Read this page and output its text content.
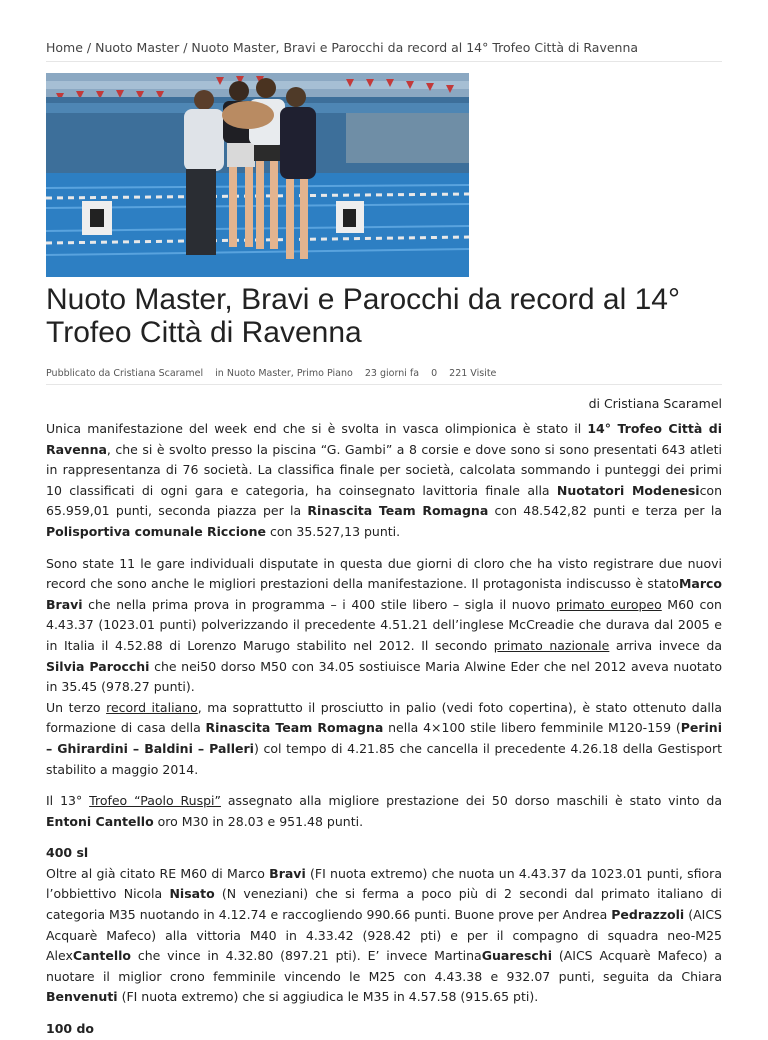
Home / Nuoto Master / Nuoto Master, Bravi e Parocchi da record al 14° Trofeo Città di Ravenna
Nuoto Master, Bravi e Parocchi da record al 14° Trofeo Città di Ravenna
Pubblicato da Cristiana Scaramel in Nuoto Master, Primo Piano 23 giorni fa 0 221 Visite
di Cristiana Scaramel

Unica manifestazione del week end che si è svolta in vasca olimpionica è stato il 14° Trofeo Città di Ravenna, che si è svolto presso la piscina “G. Gambi” a 8 corsie e dove sono si sono presentati 643 atleti in rappresentanza di 76 società. La classifica finale per società, calcolata sommando i punteggi dei primi 10 classificati di ogni gara e categoria, ha coinsegnato lavittoria finale alla Nuotatori Modenesicon 65.959,01 punti, seconda piazza per la Rinascita Team Romagna con 48.542,82 punti e terza per la Polisportiva comunale Riccione con 35.527,13 punti.

Sono state 11 le gare individuali disputate in questa due giorni di cloro che ha visto registrare due nuovi record che sono anche le migliori prestazioni della manifestazione. Il protagonista indiscusso è statoMarco Bravi che nella prima prova in programma – i 400 stile libero – sigla il nuovo primato europeo M60 con 4.43.37 (1023.01 punti) polverizzando il precedente 4.51.21 dell’inglese McCreadie che durava dal 2005 e in Italia il 4.52.88 di Lorenzo Marugo stabilito nel 2012. Il secondo primato nazionale arriva invece da Silvia Parocchi che nei50 dorso M50 con 34.05 sostiuisce Maria Alwine Eder che nel 2012 aveva nuotato in 35.45 (978.27 punti).
Un terzo record italiano, ma soprattutto il prosciutto in palio (vedi foto copertina), è stato ottenuto dalla formazione di casa della Rinascita Team Romagna nella 4×100 stile libero femminile M120-159 (Perini – Ghirardini – Baldini – Palleri) col tempo di 4.21.85 che cancella il precedente 4.26.18 della Gestisport stabilito a maggio 2014.

Il 13° Trofeo “Paolo Ruspi” assegnato alla migliore prestazione dei 50 dorso maschili è stato vinto da Entoni Cantello oro M30 in 28.03 e 951.48 punti.

400 sl

Oltre al già citato RE M60 di Marco Bravi (FI nuota extremo) che nuota un 4.43.37 da 1023.01 punti, sfiora l’obbiettivo Nicola Nisato (N veneziani) che si ferma a poco più di 2 secondi dal primato italiano di categoria M35 nuotando in 4.12.74 e raccogliendo 990.66 punti. Buone prove per Andrea Pedrazzoli (AICS Acquarè Mafeco) alla vittoria M40 in 4.33.42 (928.42 pti) e per il compagno di squadra neo-M25 AlexCantello che vince in 4.32.80 (897.21 pti). E’ invece MartinaGuareschi (AICS Acquarè Mafeco) a nuotare il miglior crono femminile vincendo le M25 con 4.43.38 e 932.07 punti, seguita da Chiara Benvenuti (FI nuota extremo) che si aggiudica le M35 in 4.57.58 (915.65 pti).

100 do
